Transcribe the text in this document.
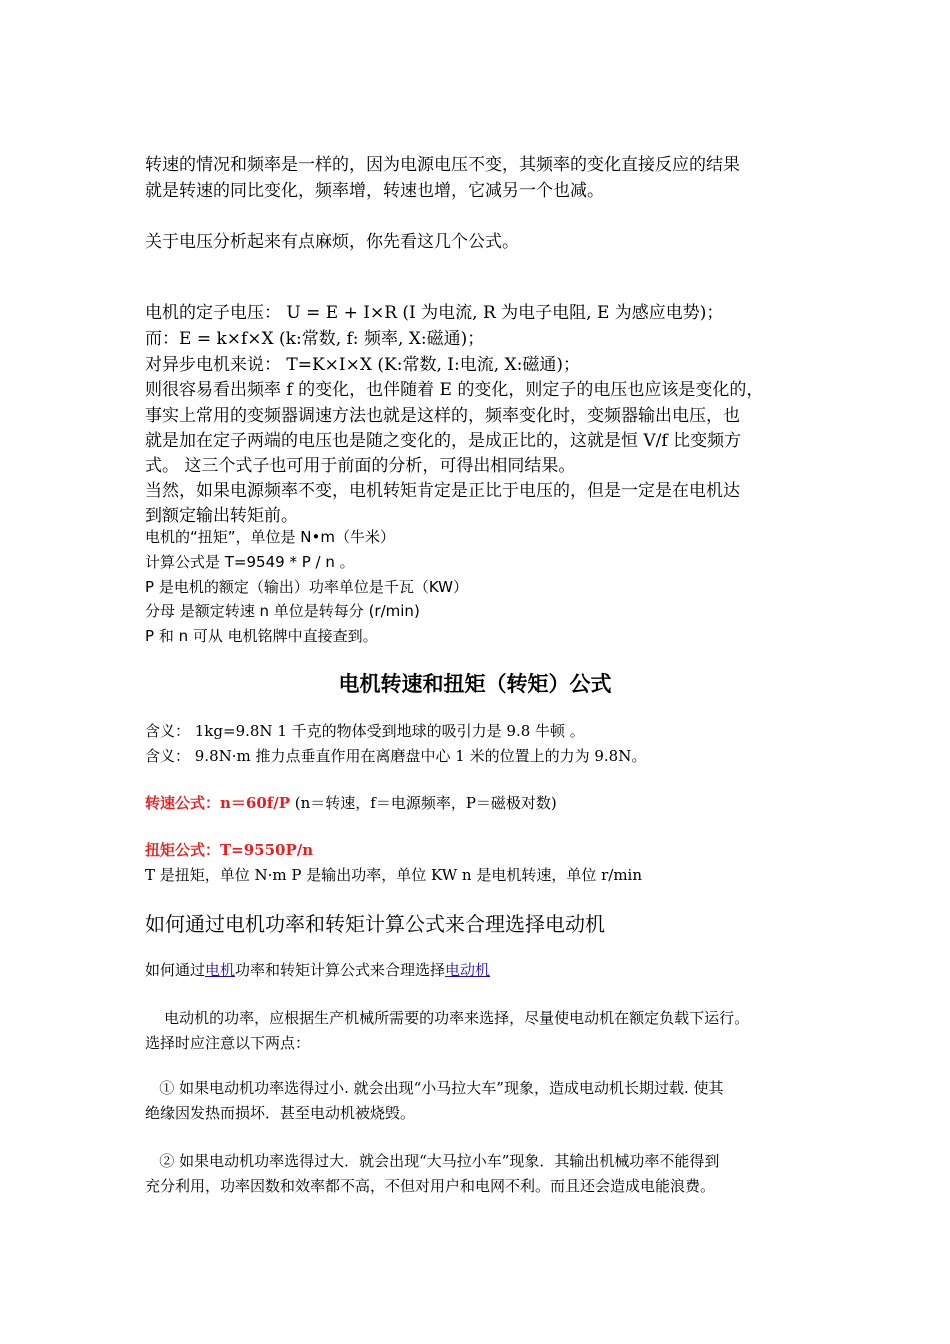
转速的情况和频率是一样的，因为电源电压不变，其频率的变化直接反应的结果
就是转速的同比变化，频率增，转速也增，它减另一个也减。
关于电压分析起来有点麻烦，你先看这几个公式。
电机的定子电压： U = E + I×R (I 为电流, R 为电子电阻, E 为感应电势)；
而：E = k×f×X (k:常数, f: 频率, X:磁通)；
对异步电机来说： T=K×I×X (K:常数, I:电流, X:磁通)；
则很容易看出频率 f 的变化，也伴随着 E 的变化，则定子的电压也应该是变化的，
事实上常用的变频器调速方法也就是这样的，频率变化时，变频器输出电压，也
就是加在定子两端的电压也是随之变化的，是成正比的，这就是恒 V/f 比变频方
式。 这三个式子也可用于前面的分析，可得出相同结果。
当然，如果电源频率不变，电机转矩肯定是正比于电压的，但是一定是在电机达
到额定输出转矩前。
电机的“扭矩”，单位是 N•m（牛米）
计算公式是 T=9549 * P / n 。
P 是电机的额定（输出）功率单位是千瓦（KW）
分母 是额定转速 n 单位是转每分 (r/min)
P 和 n 可从 电机铭牌中直接查到。
电机转速和扭矩（转矩）公式
含义： 1kg=9.8N 1 千克的物体受到地球的吸引力是 9.8 牛顿 。
含义： 9.8N·m 推力点垂直作用在离磨盘中心 1 米的位置上的力为 9.8N。
转速公式：n＝60f/P (n＝转速，f＝电源频率，P＝磁极对数)
扭矩公式：T=9550P/n
T 是扭矩，单位 N·m P 是输出功率，单位 KW n 是电机转速，单位 r/min
如何通过电机功率和转矩计算公式来合理选择电动机
如何通过电机功率和转矩计算公式来合理选择电动机
电动机的功率，应根据生产机械所需要的功率来选择，尽量使电动机在额定负载下运行。
选择时应注意以下两点：
① 如果电动机功率选得过小. 就会出现“小马拉大车”现象，造成电动机长期过载. 使其
绝缘因发热而损坏．甚至电动机被烧毁。
② 如果电动机功率选得过大．就会出现“大马拉小车”现象．其输出机械功率不能得到
充分利用，功率因数和效率都不高，不但对用户和电网不利。而且还会造成电能浪费。
